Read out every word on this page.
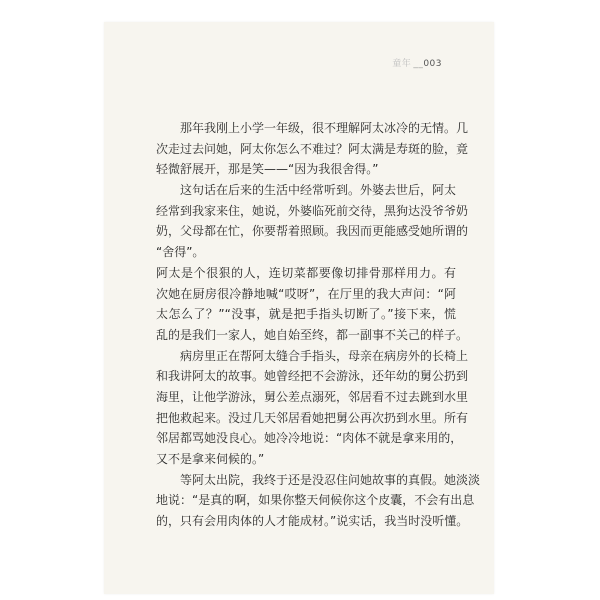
童年 __003
那年我刚上小学一年级，很不理解阿太冰冷的无情。几
次走过去问她，阿太你怎么不难过？阿太满是寿斑的脸，竟
轻微舒展开，那是笑——“因为我很舍得。”
这句话在后来的生活中经常听到。外婆去世后，阿太
经常到我家来住，她说，外婆临死前交待，黑狗达没爷爷奶
奶，父母都在忙，你要帮着照顾。我因而更能感受她所谓的
“舍得”。
阿太是个很狠的人，连切菜都要像切排骨那样用力。有
次她在厨房很冷静地喊“哎呀”，在厅里的我大声问：“阿
太怎么了？”“没事，就是把手指头切断了。”接下来，慌
乱的是我们一家人，她自始至终，都一副事不关己的样子。
病房里正在帮阿太缝合手指头，母亲在病房外的长椅上
和我讲阿太的故事。她曾经把不会游泳，还年幼的舅公扔到
海里，让他学游泳，舅公差点溺死，邻居看不过去跳到水里
把他救起来。没过几天邻居看她把舅公再次扔到水里。所有
邻居都骂她没良心。她冷冷地说：“肉体不就是拿来用的，
又不是拿来伺候的。”
等阿太出院，我终于还是没忍住问她故事的真假。她淡淡
地说：“是真的啊，如果你整天伺候你这个皮囊，不会有出息
的，只有会用肉体的人才能成材。”说实话，我当时没听懂。
